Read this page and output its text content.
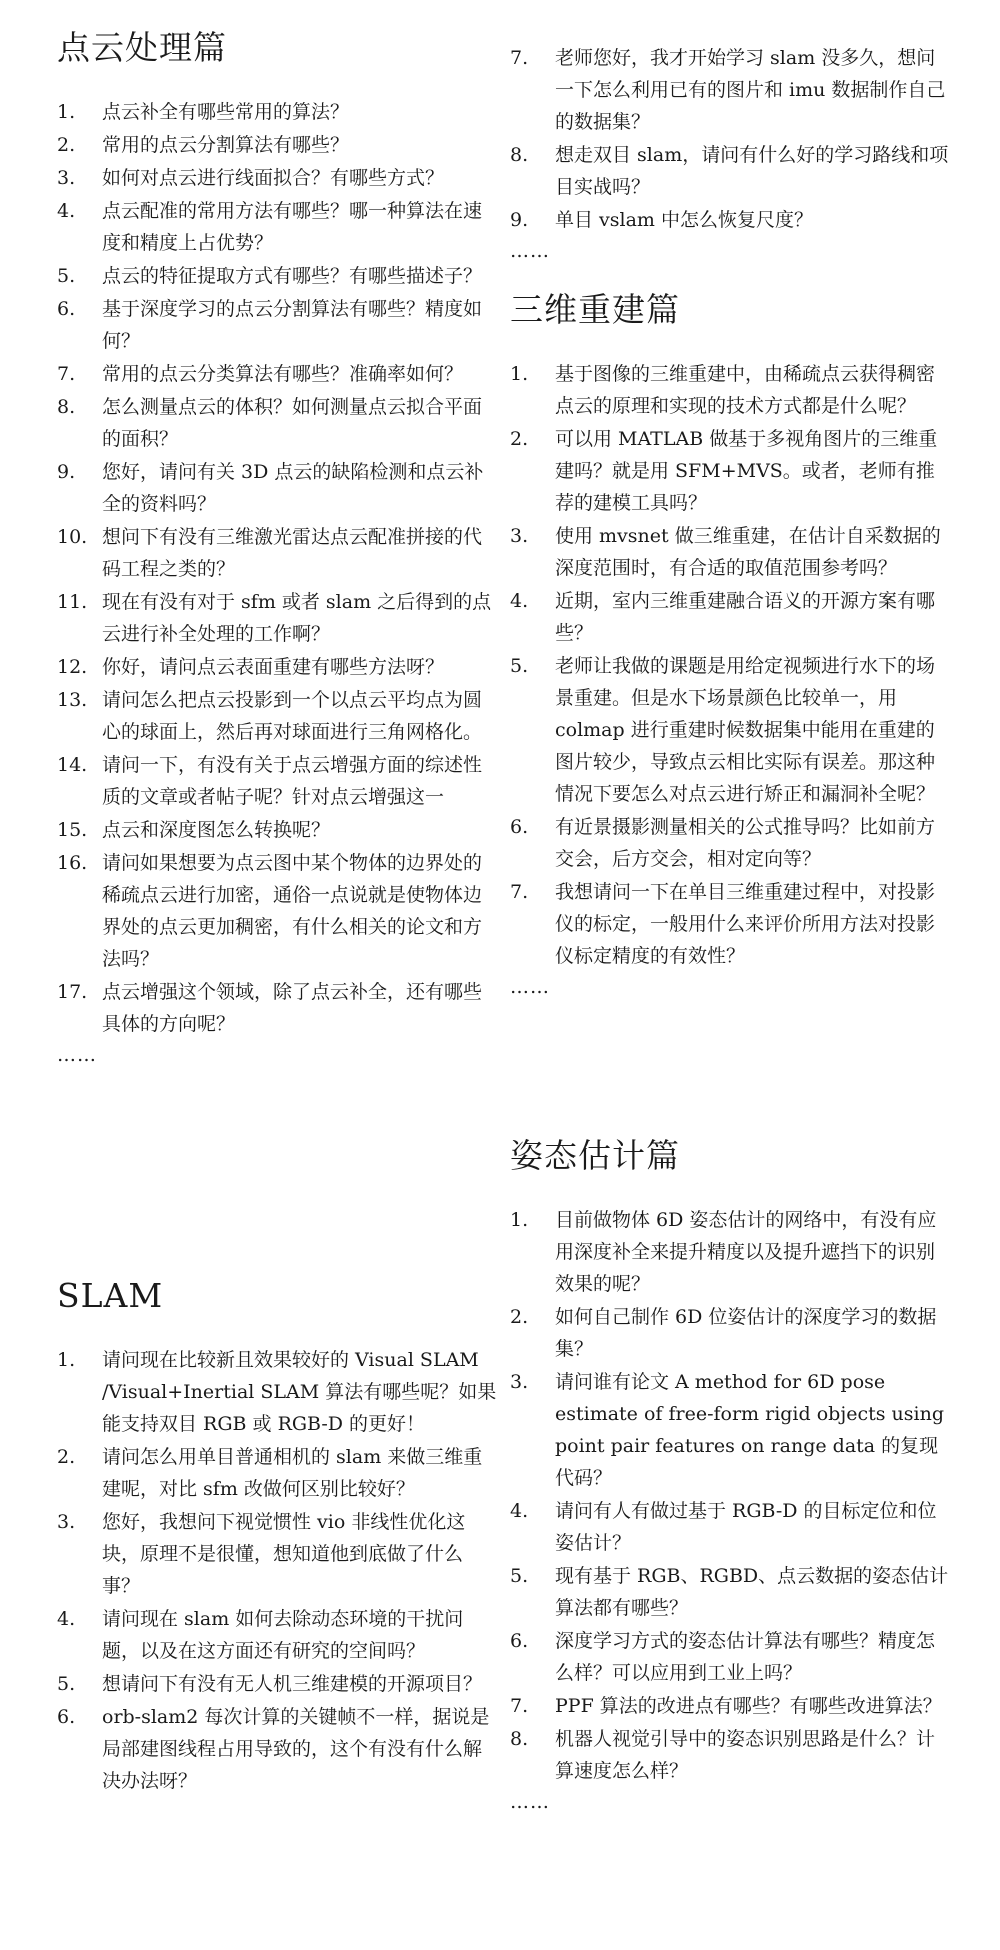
点云处理篇
1.	点云补全有哪些常用的算法？
2.	常用的点云分割算法有哪些？
3.	如何对点云进行线面拟合？有哪些方式？
4.	点云配准的常用方法有哪些？哪一种算法在速度和精度上占优势？
5.	点云的特征提取方式有哪些？有哪些描述子？
6.	基于深度学习的点云分割算法有哪些？精度如何？
7.	常用的点云分类算法有哪些？准确率如何？
8.	怎么测量点云的体积？如何测量点云拟合平面的面积？
9.	您好，请问有关 3D 点云的缺陷检测和点云补全的资料吗？
10. 想问下有没有三维激光雷达点云配准拼接的代码工程之类的？
11. 现在有没有对于 sfm 或者 slam 之后得到的点云进行补全处理的工作啊？
12. 你好，请问点云表面重建有哪些方法呀？
13. 请问怎么把点云投影到一个以点云平均点为圆心的球面上，然后再对球面进行三角网格化。
14. 请问一下，有没有关于点云增强方面的综述性质的文章或者帖子呢？针对点云增强这一
15. 点云和深度图怎么转换呢？
16. 请问如果想要为点云图中某个物体的边界处的稀疏点云进行加密，通俗一点说就是使物体边界处的点云更加稠密，有什么相关的论文和方法吗？
17. 点云增强这个领域，除了点云补全，还有哪些具体的方向呢？
……
SLAM
1.	请问现在比较新且效果较好的 Visual SLAM /Visual+Inertial SLAM 算法有哪些呢？如果能支持双目 RGB 或 RGB-D 的更好！
2.	请问怎么用单目普通相机的 slam 来做三维重建呢，对比 sfm 改做何区别比较好？
3.	您好，我想问下视觉惯性 vio 非线性优化这块，原理不是很懂，想知道他到底做了什么事？
4.	请问现在 slam 如何去除动态环境的干扰问题，以及在这方面还有研究的空间吗？
5.	想请问下有没有无人机三维建模的开源项目？
6.	orb-slam2 每次计算的关键帧不一样，据说是局部建图线程占用导致的，这个有没有什么解决办法呀？
7.	老师您好，我才开始学习 slam 没多久，想问一下怎么利用已有的图片和 imu 数据制作自己的数据集？
8.	想走双目 slam，请问有什么好的学习路线和项目实战吗？
9.	单目 vslam 中怎么恢复尺度？
……
三维重建篇
1.	基于图像的三维重建中，由稀疏点云获得稠密点云的原理和实现的技术方式都是什么呢？
2.	可以用 MATLAB 做基于多视角图片的三维重建吗？就是用 SFM+MVS。或者，老师有推荐的建模工具吗？
3.	使用 mvsnet 做三维重建，在估计自采数据的深度范围时，有合适的取值范围参考吗？
4.	近期，室内三维重建融合语义的开源方案有哪些？
5.	老师让我做的课题是用给定视频进行水下的场景重建。但是水下场景颜色比较单一，用 colmap 进行重建时候数据集中能用在重建的图片较少，导致点云相比实际有误差。那这种情况下要怎么对点云进行矫正和漏洞补全呢？
6.	有近景摄影测量相关的公式推导吗？比如前方交会，后方交会，相对定向等？
7.	我想请问一下在单目三维重建过程中，对投影仪的标定，一般用什么来评价所用方法对投影仪标定精度的有效性？
……
姿态估计篇
1.	目前做物体 6D 姿态估计的网络中，有没有应用深度补全来提升精度以及提升遮挡下的识别效果的呢？
2.	如何自己制作 6D 位姿估计的深度学习的数据集？
3.	请问谁有论文 A method for 6D pose estimate of free-form rigid objects using point pair features on range data 的复现代码？
4.	请问有人有做过基于 RGB-D 的目标定位和位姿估计？
5.	现有基于 RGB、RGBD、点云数据的姿态估计算法都有哪些？
6.	深度学习方式的姿态估计算法有哪些？精度怎么样？可以应用到工业上吗？
7.	PPF 算法的改进点有哪些？有哪些改进算法？
8.	机器人视觉引导中的姿态识别思路是什么？计算速度怎么样？
……
